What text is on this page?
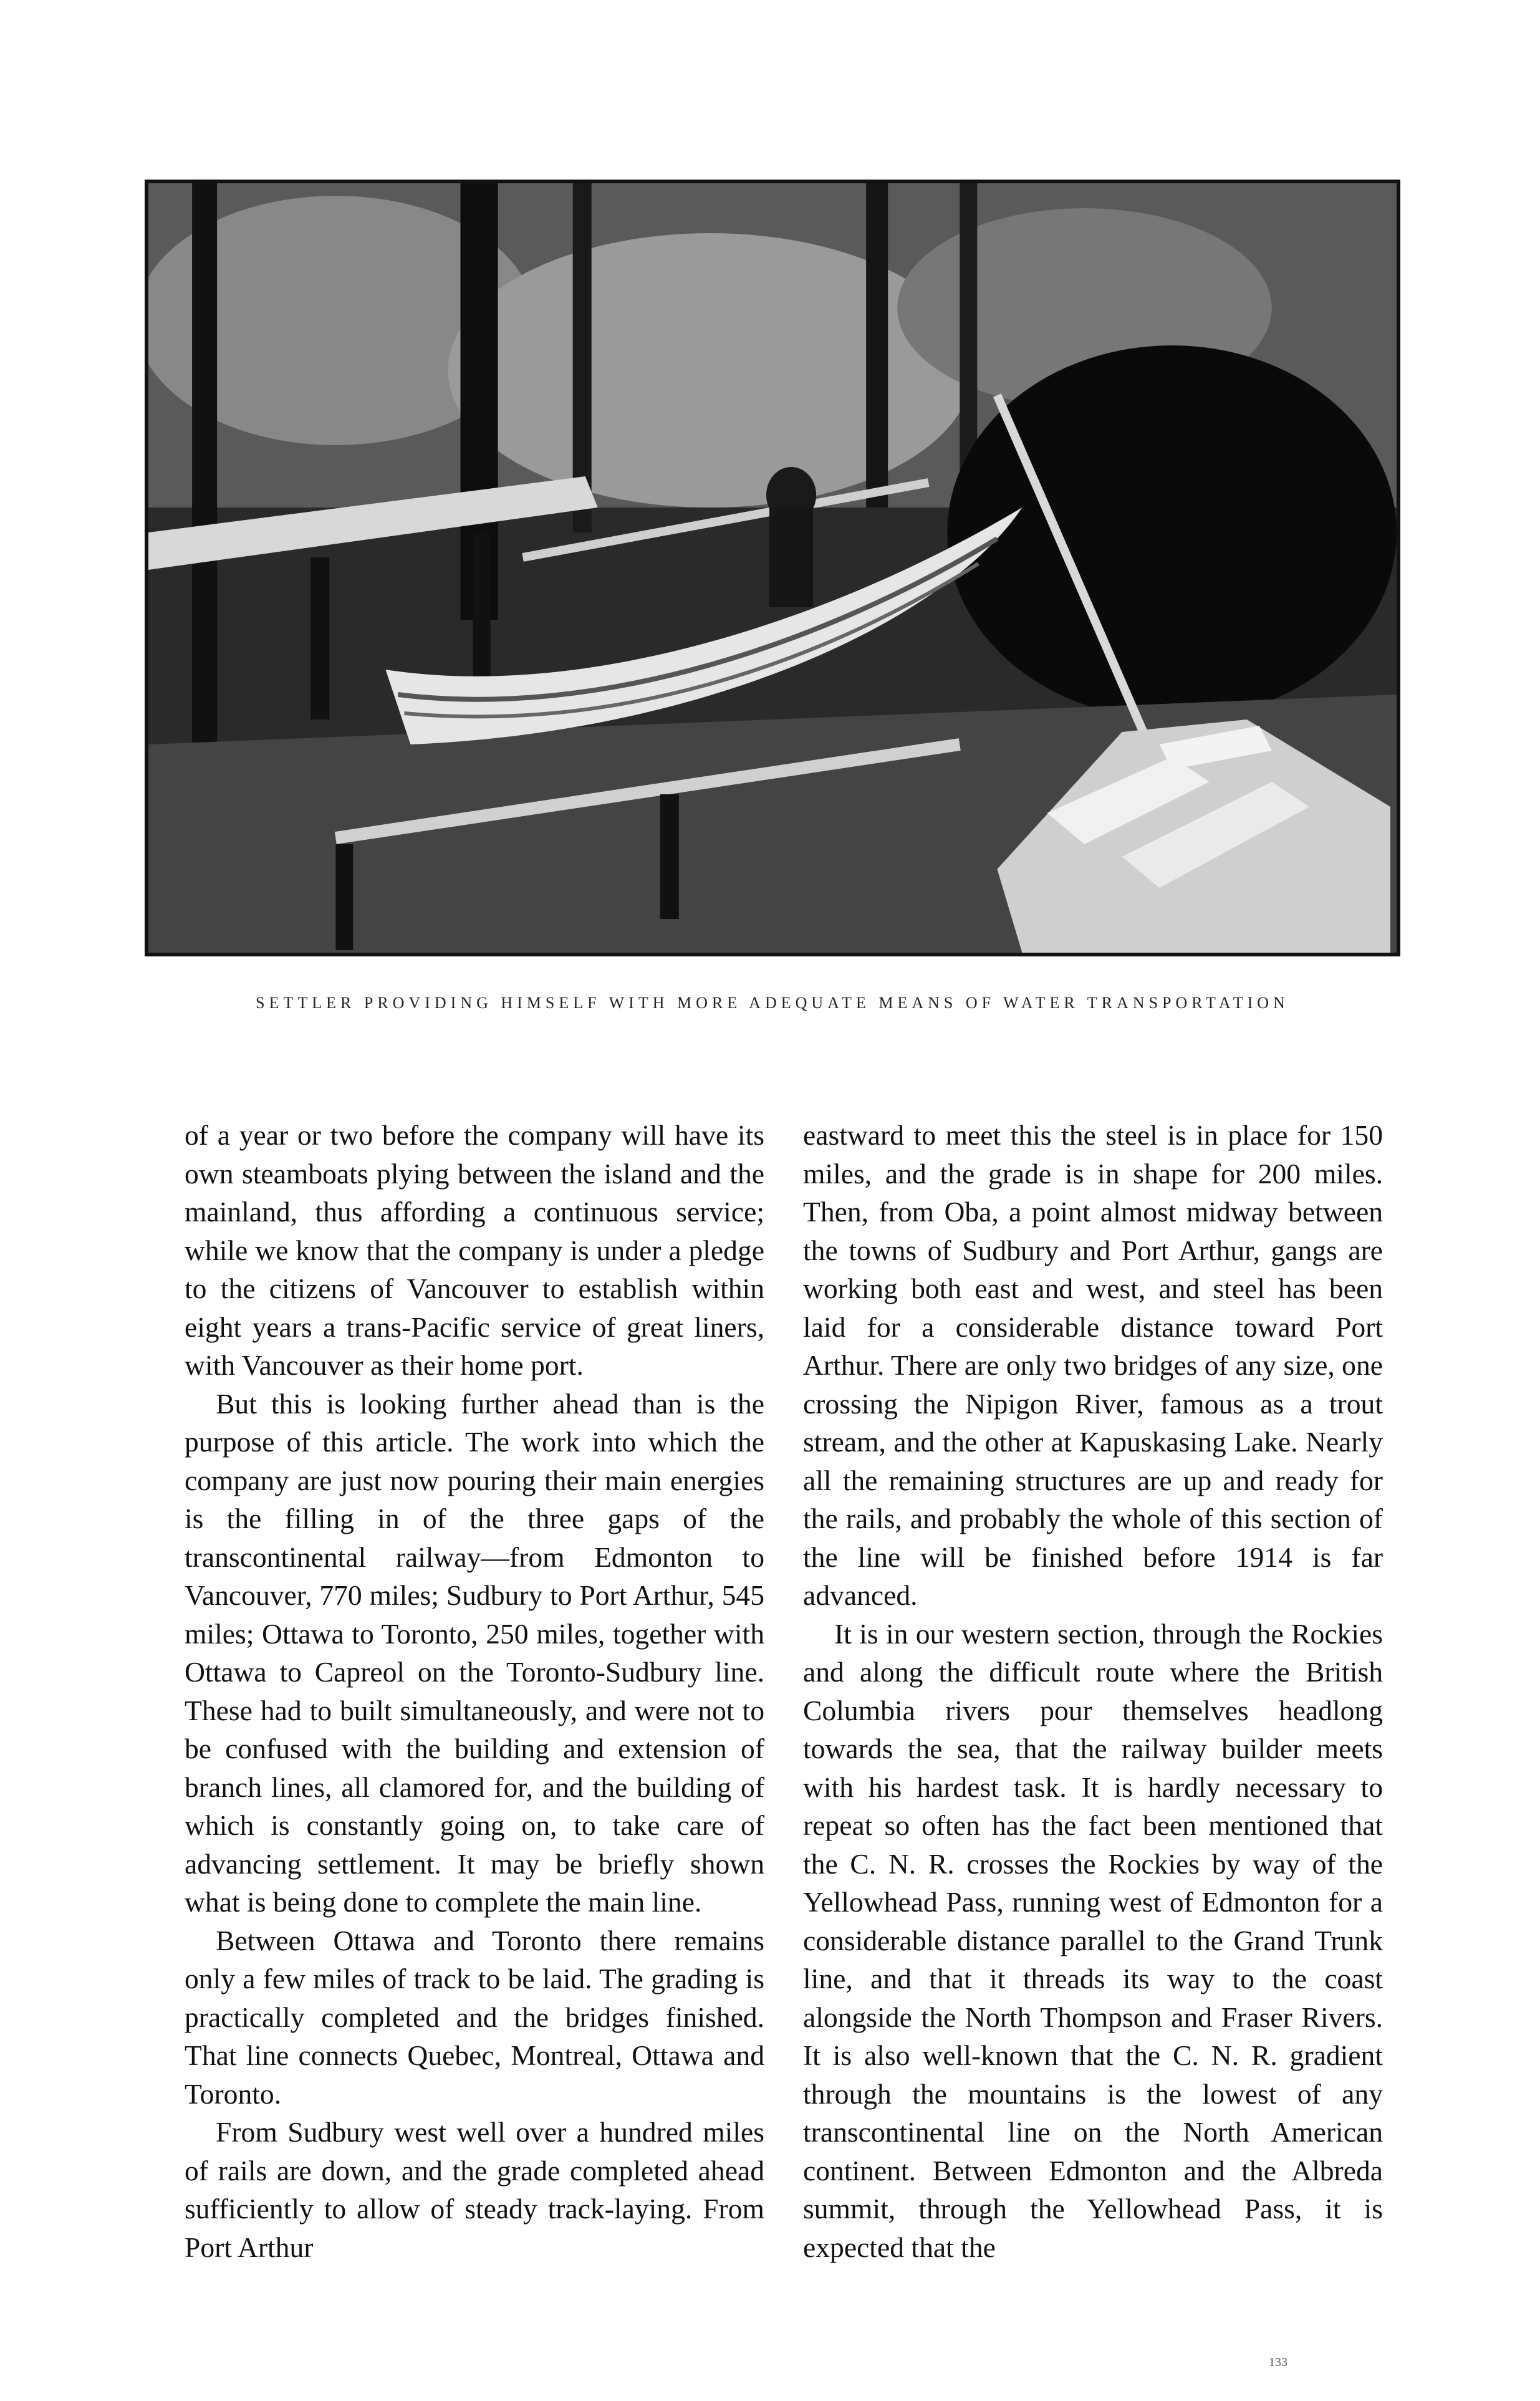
SETTLER PROVIDING HIMSELF WITH MORE ADEQUATE MEANS OF WATER TRANSPORTATION

of a year or two before the company will have its own steamboats plying between the island and the mainland, thus affording a continuous service; while we know that the company is under a pledge to the citizens of Vancouver to establish within eight years a trans-Pacific service of great liners, with Vancouver as their home port.

But this is looking further ahead than is the purpose of this article. The work into which the company are just now pouring their main energies is the filling in of the three gaps of the transcontinental railway—from Edmonton to Vancouver, 770 miles; Sudbury to Port Arthur, 545 miles; Ottawa to Toronto, 250 miles, together with Ottawa to Capreol on the Toronto-Sudbury line. These had to built simultaneously, and were not to be confused with the building and extension of branch lines, all clamored for, and the building of which is constantly going on, to take care of advancing settlement. It may be briefly shown what is being done to complete the main line.

Between Ottawa and Toronto there remains only a few miles of track to be laid. The grading is practically completed and the bridges finished. That line connects Quebec, Montreal, Ottawa and Toronto.

From Sudbury west well over a hundred miles of rails are down, and the grade completed ahead sufficiently to allow of steady track-laying. From Port Arthur

eastward to meet this the steel is in place for 150 miles, and the grade is in shape for 200 miles. Then, from Oba, a point almost midway between the towns of Sudbury and Port Arthur, gangs are working both east and west, and steel has been laid for a considerable distance toward Port Arthur. There are only two bridges of any size, one crossing the Nipigon River, famous as a trout stream, and the other at Kapuskasing Lake. Nearly all the remaining structures are up and ready for the rails, and probably the whole of this section of the line will be finished before 1914 is far advanced.

It is in our western section, through the Rockies and along the difficult route where the British Columbia rivers pour themselves headlong towards the sea, that the railway builder meets with his hardest task. It is hardly necessary to repeat so often has the fact been mentioned that the C. N. R. crosses the Rockies by way of the Yellowhead Pass, running west of Edmonton for a considerable distance parallel to the Grand Trunk line, and that it threads its way to the coast alongside the North Thompson and Fraser Rivers. It is also well-known that the C. N. R. gradient through the mountains is the lowest of any transcontinental line on the North American continent. Between Edmonton and the Albreda summit, through the Yellowhead Pass, it is expected that the

133
